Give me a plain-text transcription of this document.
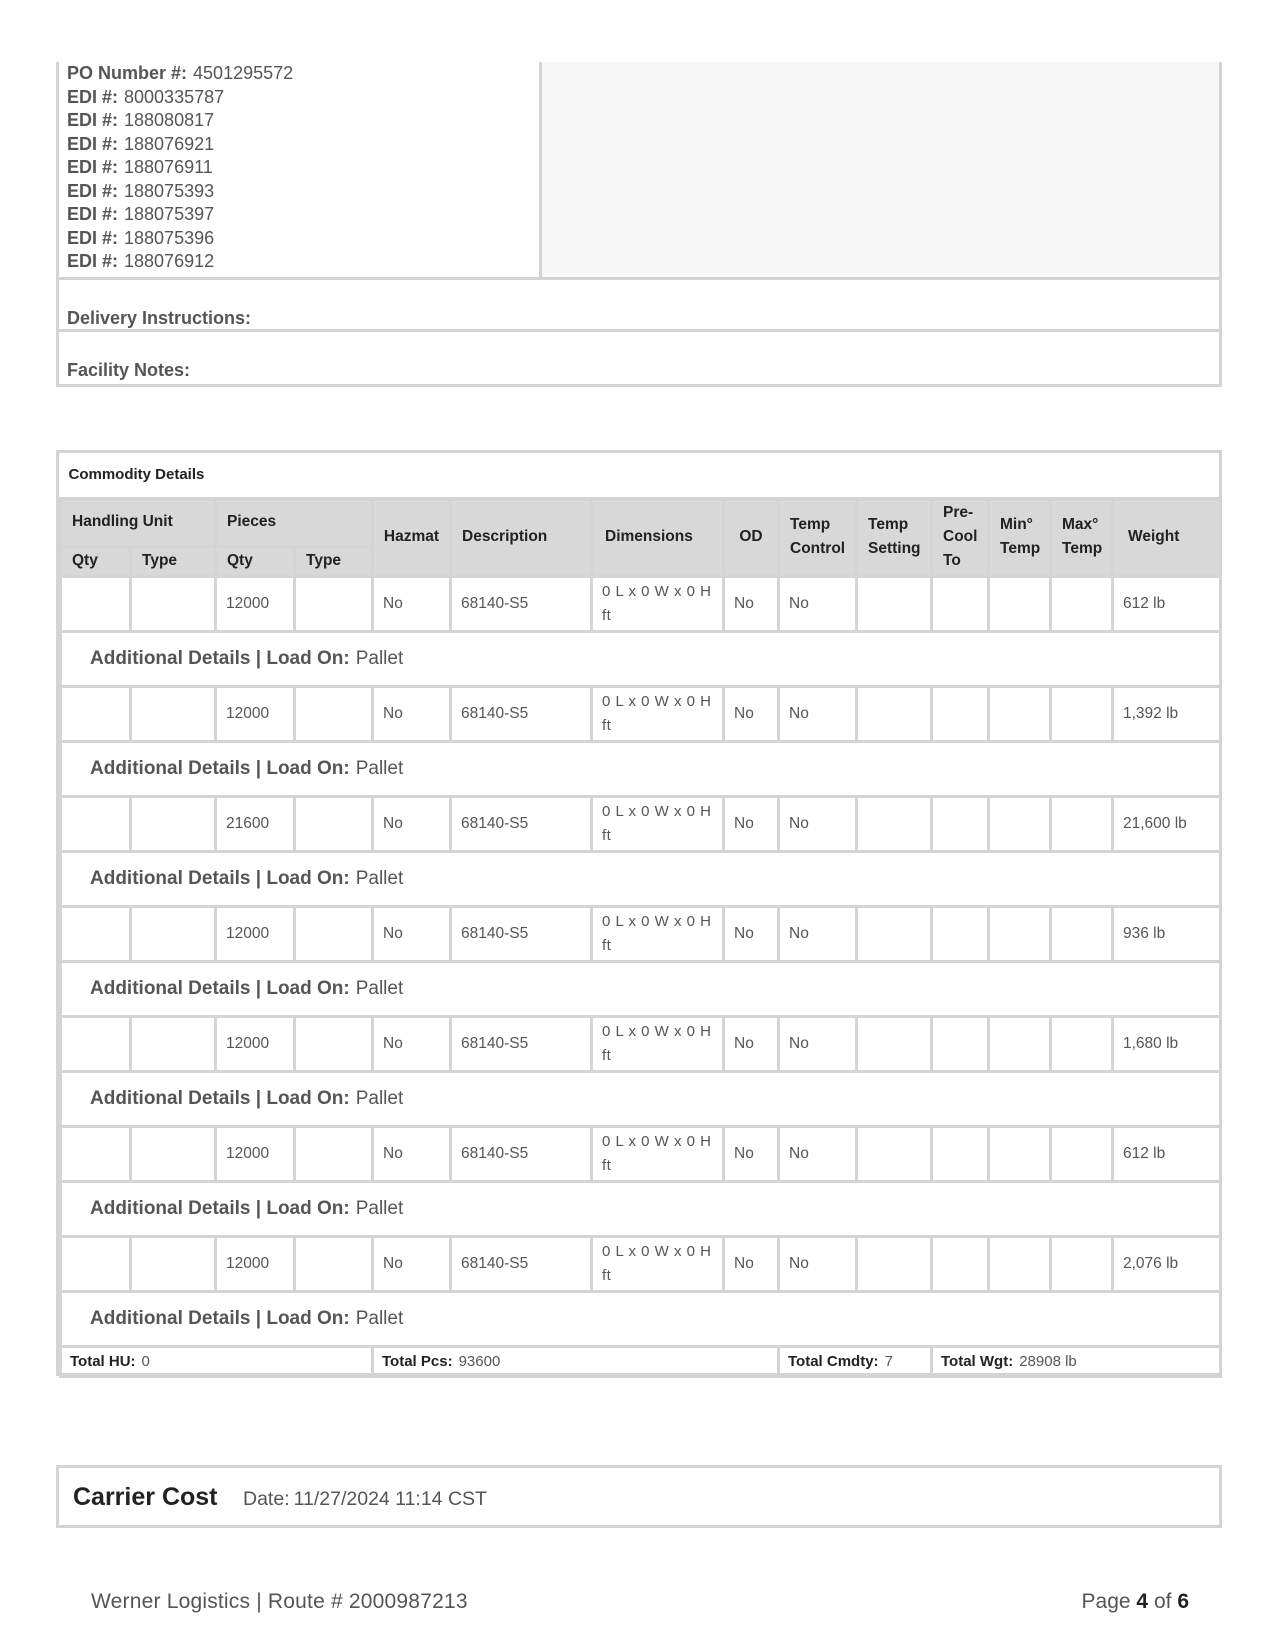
PO Number #: 4501295572
EDI #: 8000335787
EDI #: 188080817
EDI #: 188076921
EDI #: 188076911
EDI #: 188075393
EDI #: 188075397
EDI #: 188075396
EDI #: 188076912
Delivery Instructions:
Facility Notes:
Commodity Details													
Handling Unit		Pieces		Hazmat	Description	Dimensions	OD	Temp Control	Temp Setting	Pre-Cool To	Min° Temp	Max° Temp	Weight
Qty	Type	Qty	Type										
		12000		No	68140-S5	0 L x 0 W x 0 H ft	No	No					612 lb
Additional Details | Load On: Pallet													
		12000		No	68140-S5	0 L x 0 W x 0 H ft	No	No					1,392 lb
Additional Details | Load On: Pallet													
		21600		No	68140-S5	0 L x 0 W x 0 H ft	No	No					21,600 lb
Additional Details | Load On: Pallet													
		12000		No	68140-S5	0 L x 0 W x 0 H ft	No	No					936 lb
Additional Details | Load On: Pallet													
		12000		No	68140-S5	0 L x 0 W x 0 H ft	No	No					1,680 lb
Additional Details | Load On: Pallet													
		12000		No	68140-S5	0 L x 0 W x 0 H ft	No	No					612 lb
Additional Details | Load On: Pallet													
		12000		No	68140-S5	0 L x 0 W x 0 H ft	No	No					2,076 lb
Additional Details | Load On: Pallet													
Total HU: 0				Total Pcs: 93600				Total Cmdty: 7		Total Wgt: 28908 lb			
Carrier Cost Date: 11/27/2024 11:14 CST
Werner Logistics | Route # 2000987213	Page 4 of 6
